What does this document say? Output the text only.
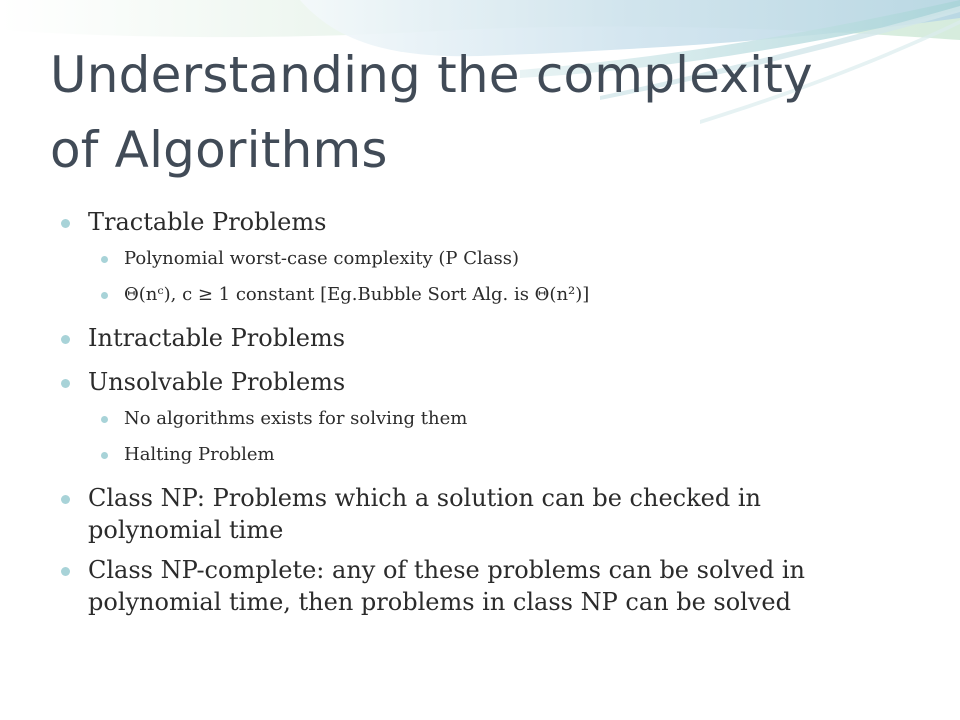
Understanding the complexity
of Algorithms
Tractable Problems
Polynomial worst-case complexity (P Class)
Θ(nᶜ), c ≥ 1 constant [Eg.Bubble Sort Alg. is Θ(n²)]
Intractable Problems
Unsolvable Problems
No algorithms exists for solving them
Halting Problem
Class NP: Problems which a solution can be checked in
polynomial time
Class NP-complete: any of these problems can be solved in
polynomial time, then problems in class NP can be solved
